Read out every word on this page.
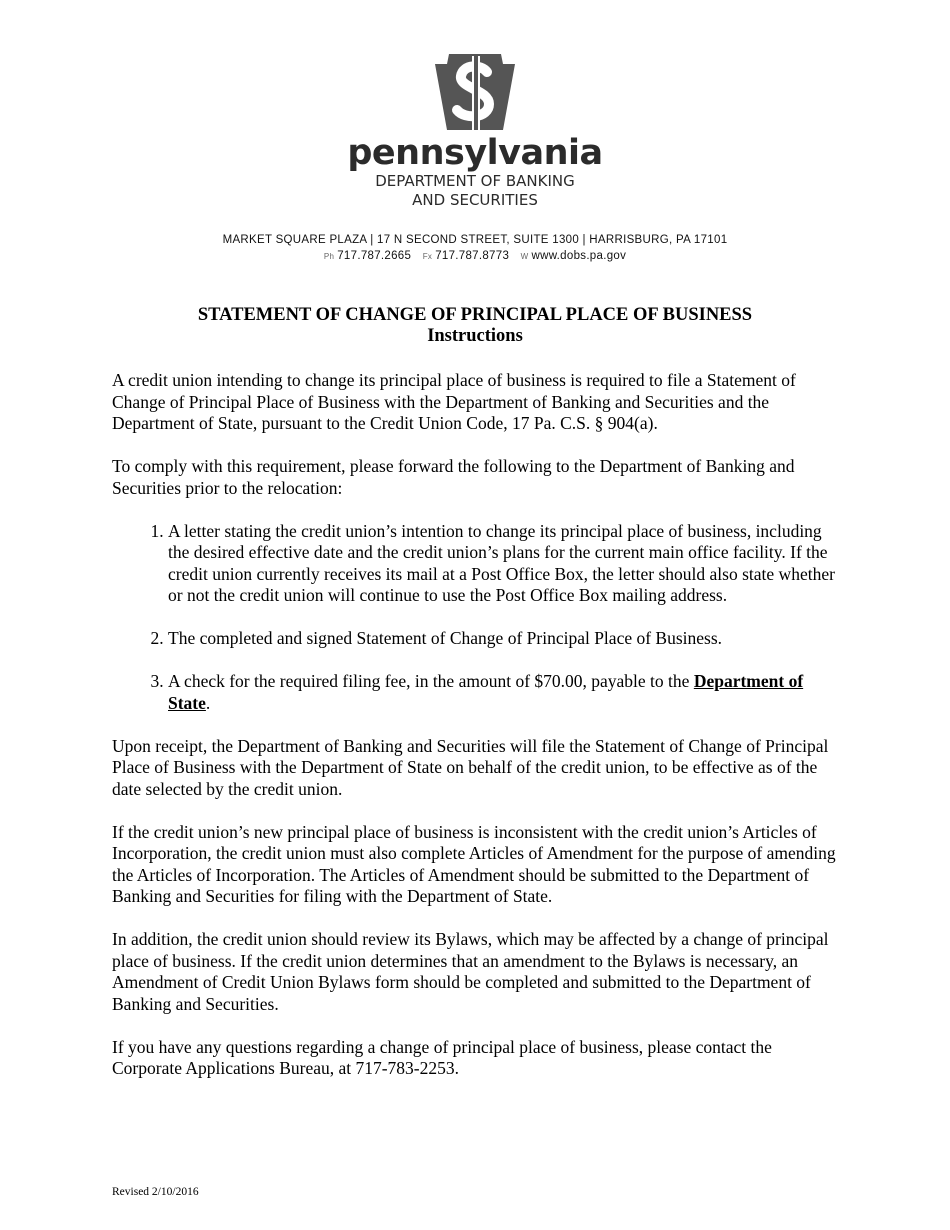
pennsylvania
DEPARTMENT OF BANKING
AND SECURITIES
MARKET SQUARE PLAZA | 17 N SECOND STREET, SUITE 1300 | HARRISBURG, PA 17101
Ph 717.787.2665 Fx 717.787.8773 W www.dobs.pa.gov
STATEMENT OF CHANGE OF PRINCIPAL PLACE OF BUSINESS
Instructions

A credit union intending to change its principal place of business is required to file a Statement of Change of Principal Place of Business with the Department of Banking and Securities and the Department of State, pursuant to the Credit Union Code, 17 Pa. C.S. § 904(a).

To comply with this requirement, please forward the following to the Department of Banking and Securities prior to the relocation:

1. A letter stating the credit union’s intention to change its principal place of business, including the desired effective date and the credit union’s plans for the current main office facility. If the credit union currently receives its mail at a Post Office Box, the letter should also state whether or not the credit union will continue to use the Post Office Box mailing address.
2. The completed and signed Statement of Change of Principal Place of Business.
3. A check for the required filing fee, in the amount of $70.00, payable to the Department of State.

Upon receipt, the Department of Banking and Securities will file the Statement of Change of Principal Place of Business with the Department of State on behalf of the credit union, to be effective as of the date selected by the credit union.

If the credit union’s new principal place of business is inconsistent with the credit union’s Articles of Incorporation, the credit union must also complete Articles of Amendment for the purpose of amending the Articles of Incorporation. The Articles of Amendment should be submitted to the Department of Banking and Securities for filing with the Department of State.

In addition, the credit union should review its Bylaws, which may be affected by a change of principal place of business. If the credit union determines that an amendment to the Bylaws is necessary, an Amendment of Credit Union Bylaws form should be completed and submitted to the Department of Banking and Securities.

If you have any questions regarding a change of principal place of business, please contact the Corporate Applications Bureau, at 717-783-2253.

Revised 2/10/2016
